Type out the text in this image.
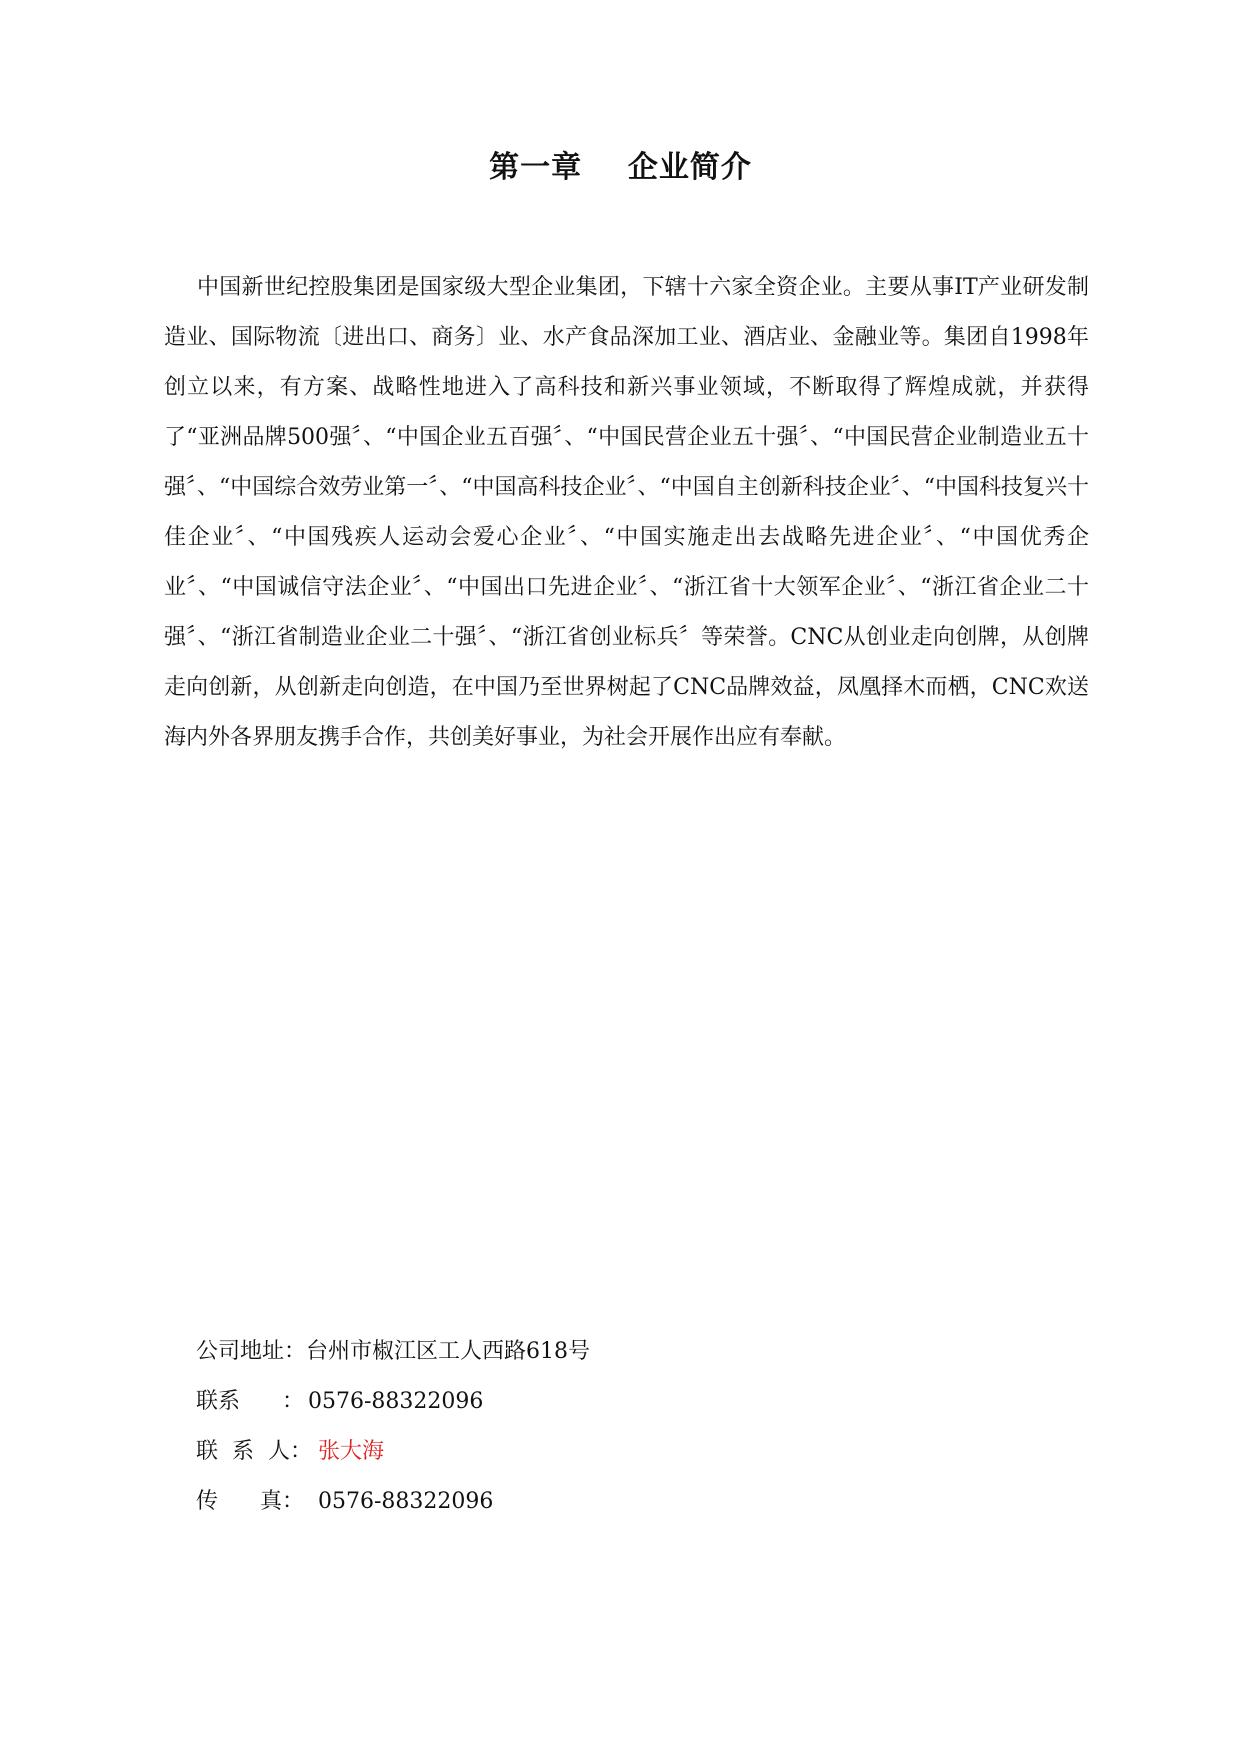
第一章    企业简介

中国新世纪控股集团是国家级大型企业集团，下辖十六家全资企业。主要从事IT产业研发制造业、国际物流〔进出口、商务〕业、水产食品深加工业、酒店业、金融业等。集团自1998年创立以来，有方案、战略性地进入了高科技和新兴事业领域，不断取得了辉煌成就，并获得了“亚洲品牌500强〞、“中国企业五百强〞、“中国民营企业五十强〞、“中国民营企业制造业五十强〞、“中国综合效劳业第一〞、“中国高科技企业〞、“中国自主创新科技企业〞、“中国科技复兴十佳企业〞、“中国残疾人运动会爱心企业〞、“中国实施走出去战略先进企业〞、“中国优秀企业〞、“中国诚信守法企业〞、“中国出口先进企业〞、“浙江省十大领军企业〞、“浙江省企业二十强〞、“浙江省制造业企业二十强〞、“浙江省创业标兵〞等荣誉。CNC从创业走向创牌，从创牌走向创新，从创新走向创造，在中国乃至世界树起了CNC品牌效益，凤凰择木而栖，CNC欢送海内外各界朋友携手合作，共创美好事业，为社会开展作出应有奉献。

公司地址：台州市椒江区工人西路618号
联系      ： 0576-88322096
联  系  人： 张大海
传      真： 0576-88322096
